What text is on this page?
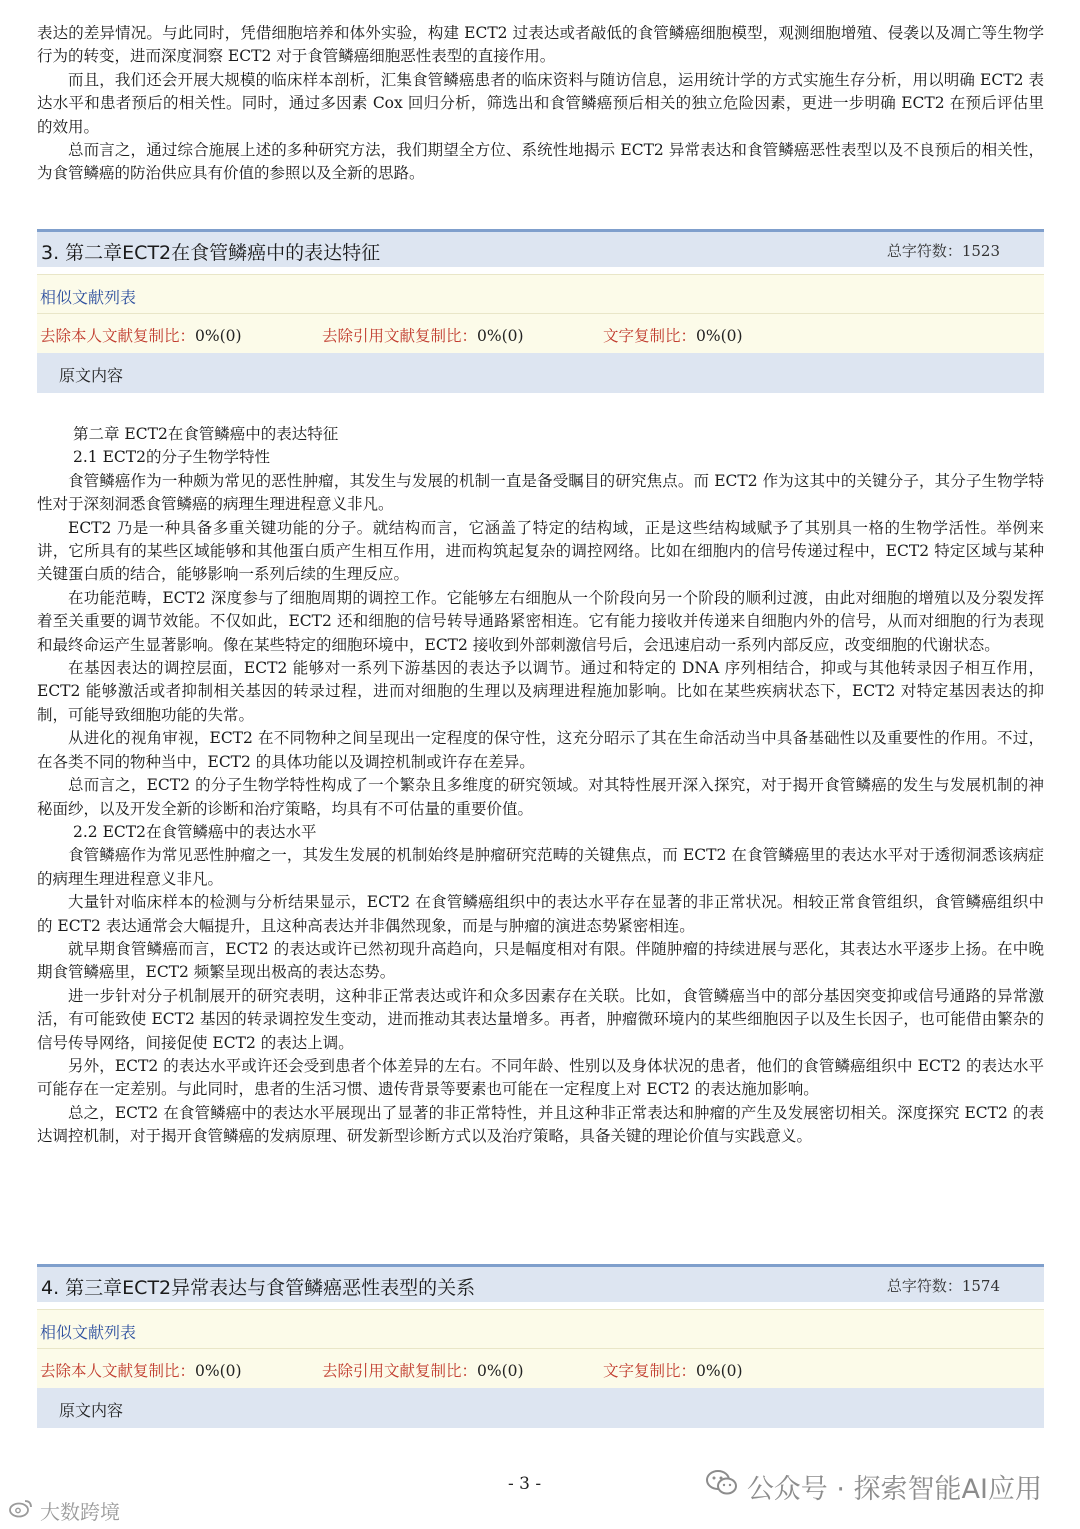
表达的差异情况。与此同时，凭借细胞培养和体外实验，构建 ECT2 过表达或者敲低的食管鳞癌细胞模型，观测细胞增殖、侵袭以及凋亡等生物学行为的转变，进而深度洞察 ECT2 对于食管鳞癌细胞恶性表型的直接作用。

而且，我们还会开展大规模的临床样本剖析，汇集食管鳞癌患者的临床资料与随访信息，运用统计学的方式实施生存分析，用以明确 ECT2 表达水平和患者预后的相关性。同时，通过多因素 Cox 回归分析，筛选出和食管鳞癌预后相关的独立危险因素，更进一步明确 ECT2 在预后评估里的效用。

总而言之，通过综合施展上述的多种研究方法，我们期望全方位、系统性地揭示 ECT2 异常表达和食管鳞癌恶性表型以及不良预后的相关性，为食管鳞癌的防治供应具有价值的参照以及全新的思路。

3. 第二章ECT2在食管鳞癌中的表达特征	总字符数：1523
相似文献列表
去除本人文献复制比：0%(0)	去除引用文献复制比：0%(0)	文字复制比：0%(0)
原文内容
第二章 ECT2在食管鳞癌中的表达特征
2.1 ECT2的分子生物学特性

食管鳞癌作为一种颇为常见的恶性肿瘤，其发生与发展的机制一直是备受瞩目的研究焦点。而 ECT2 作为这其中的关键分子，其分子生物学特性对于深刻洞悉食管鳞癌的病理生理进程意义非凡。

ECT2 乃是一种具备多重关键功能的分子。就结构而言，它涵盖了特定的结构域，正是这些结构域赋予了其别具一格的生物学活性。举例来讲，它所具有的某些区域能够和其他蛋白质产生相互作用，进而构筑起复杂的调控网络。比如在细胞内的信号传递过程中，ECT2 特定区域与某种关键蛋白质的结合，能够影响一系列后续的生理反应。

在功能范畴，ECT2 深度参与了细胞周期的调控工作。它能够左右细胞从一个阶段向另一个阶段的顺利过渡，由此对细胞的增殖以及分裂发挥着至关重要的调节效能。不仅如此，ECT2 还和细胞的信号转导通路紧密相连。它有能力接收并传递来自细胞内外的信号，从而对细胞的行为表现和最终命运产生显著影响。像在某些特定的细胞环境中，ECT2 接收到外部刺激信号后，会迅速启动一系列内部反应，改变细胞的代谢状态。

在基因表达的调控层面，ECT2 能够对一系列下游基因的表达予以调节。通过和特定的 DNA 序列相结合，抑或与其他转录因子相互作用，ECT2 能够激活或者抑制相关基因的转录过程，进而对细胞的生理以及病理进程施加影响。比如在某些疾病状态下，ECT2 对特定基因表达的抑制，可能导致细胞功能的失常。

从进化的视角审视，ECT2 在不同物种之间呈现出一定程度的保守性，这充分昭示了其在生命活动当中具备基础性以及重要性的作用。不过，在各类不同的物种当中，ECT2 的具体功能以及调控机制或许存在差异。

总而言之，ECT2 的分子生物学特性构成了一个繁杂且多维度的研究领域。对其特性展开深入探究，对于揭开食管鳞癌的发生与发展机制的神秘面纱，以及开发全新的诊断和治疗策略，均具有不可估量的重要价值。

2.2 ECT2在食管鳞癌中的表达水平

食管鳞癌作为常见恶性肿瘤之一，其发生发展的机制始终是肿瘤研究范畴的关键焦点，而 ECT2 在食管鳞癌里的表达水平对于透彻洞悉该病症的病理生理进程意义非凡。

大量针对临床样本的检测与分析结果显示，ECT2 在食管鳞癌组织中的表达水平存在显著的非正常状况。相较正常食管组织，食管鳞癌组织中的 ECT2 表达通常会大幅提升，且这种高表达并非偶然现象，而是与肿瘤的演进态势紧密相连。

就早期食管鳞癌而言，ECT2 的表达或许已然初现升高趋向，只是幅度相对有限。伴随肿瘤的持续进展与恶化，其表达水平逐步上扬。在中晚期食管鳞癌里，ECT2 频繁呈现出极高的表达态势。

进一步针对分子机制展开的研究表明，这种非正常表达或许和众多因素存在关联。比如，食管鳞癌当中的部分基因突变抑或信号通路的异常激活，有可能致使 ECT2 基因的转录调控发生变动，进而推动其表达量增多。再者，肿瘤微环境内的某些细胞因子以及生长因子，也可能借由繁杂的信号传导网络，间接促使 ECT2 的表达上调。

另外，ECT2 的表达水平或许还会受到患者个体差异的左右。不同年龄、性别以及身体状况的患者，他们的食管鳞癌组织中 ECT2 的表达水平可能存在一定差别。与此同时，患者的生活习惯、遗传背景等要素也可能在一定程度上对 ECT2 的表达施加影响。

总之，ECT2 在食管鳞癌中的表达水平展现出了显著的非正常特性，并且这种非正常表达和肿瘤的产生及发展密切相关。深度探究 ECT2 的表达调控机制，对于揭开食管鳞癌的发病原理、研发新型诊断方式以及治疗策略，具备关键的理论价值与实践意义。

4. 第三章ECT2异常表达与食管鳞癌恶性表型的关系	总字符数：1574
相似文献列表
去除本人文献复制比：0%(0)	去除引用文献复制比：0%(0)	文字复制比：0%(0)
原文内容
- 3 -
大数跨境
公众号 · 探索智能AI应用
